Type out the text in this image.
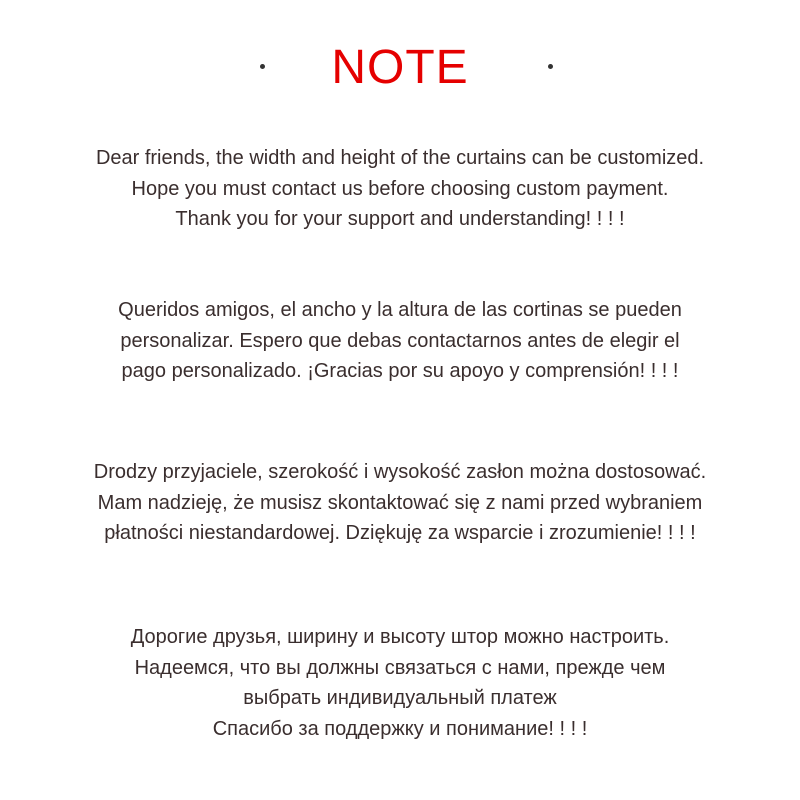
NOTE
Dear friends, the width and height of the curtains can be customized.
Hope you must contact us before choosing custom payment.
Thank you for your support and understanding! ! ! !
Queridos amigos, el ancho y la altura de las cortinas se pueden
personalizar. Espero que debas contactarnos antes de elegir el
pago personalizado. ¡Gracias por su apoyo y comprensión! ! ! !
Drodzy przyjaciele, szerokość i wysokość zasłon można dostosować.
Mam nadzieję, że musisz skontaktować się z nami przed wybraniem
płatności niestandardowej. Dziękuję za wsparcie i zrozumienie! ! ! !
Дорогие друзья, ширину и высоту штор можно настроить.
Надеемся, что вы должны связаться с нами, прежде чем
выбрать индивидуальный платеж
Спасибо за поддержку и понимание! ! ! !
